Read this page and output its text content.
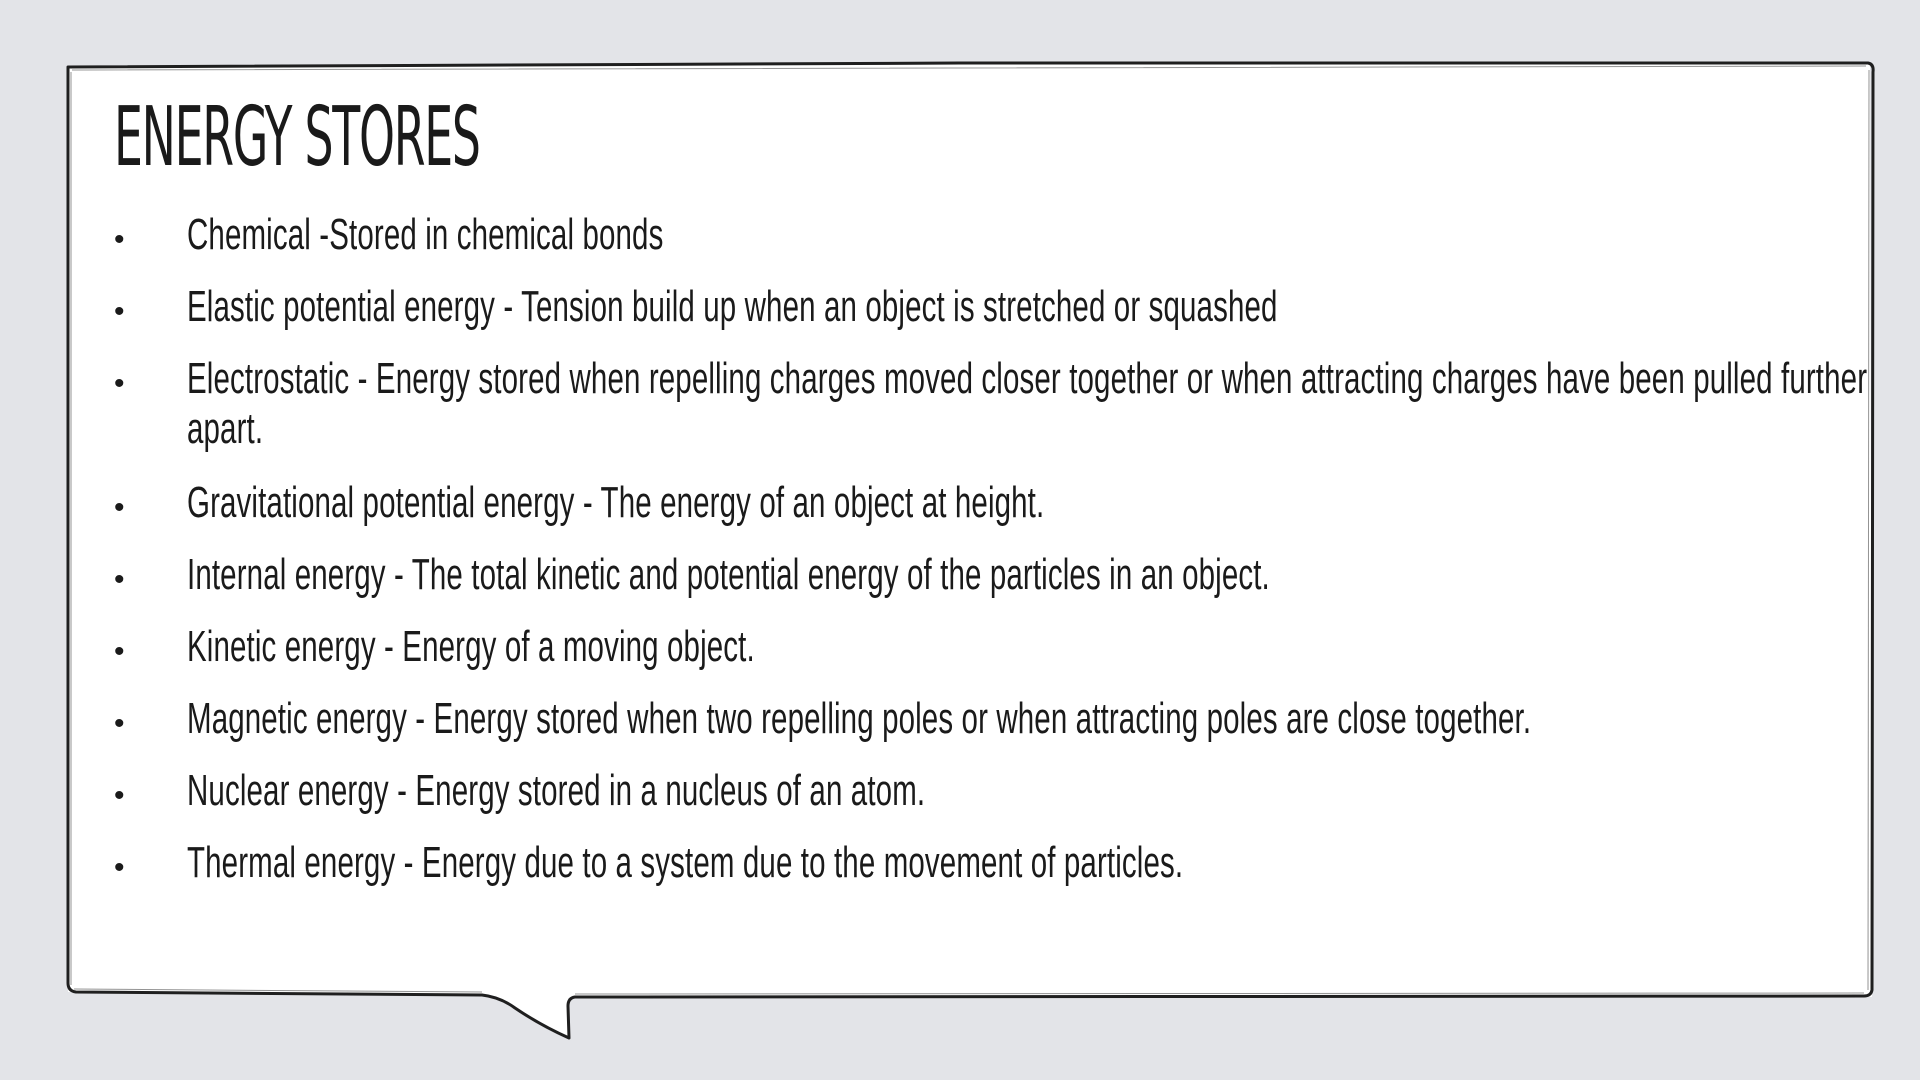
ENERGY STORES
• Chemical -Stored in chemical bonds
• Elastic potential energy - Tension build up when an object is stretched or squashed
• Electrostatic - Energy stored when repelling charges moved closer together or when attracting charges have been pulled further apart.
• Gravitational potential energy - The energy of an object at height.
• Internal energy - The total kinetic and potential energy of the particles in an object.
• Kinetic energy - Energy of a moving object.
• Magnetic energy - Energy stored when two repelling poles or when attracting poles are close together.
• Nuclear energy - Energy stored in a nucleus of an atom.
• Thermal energy - Energy due to a system due to the movement of particles.
